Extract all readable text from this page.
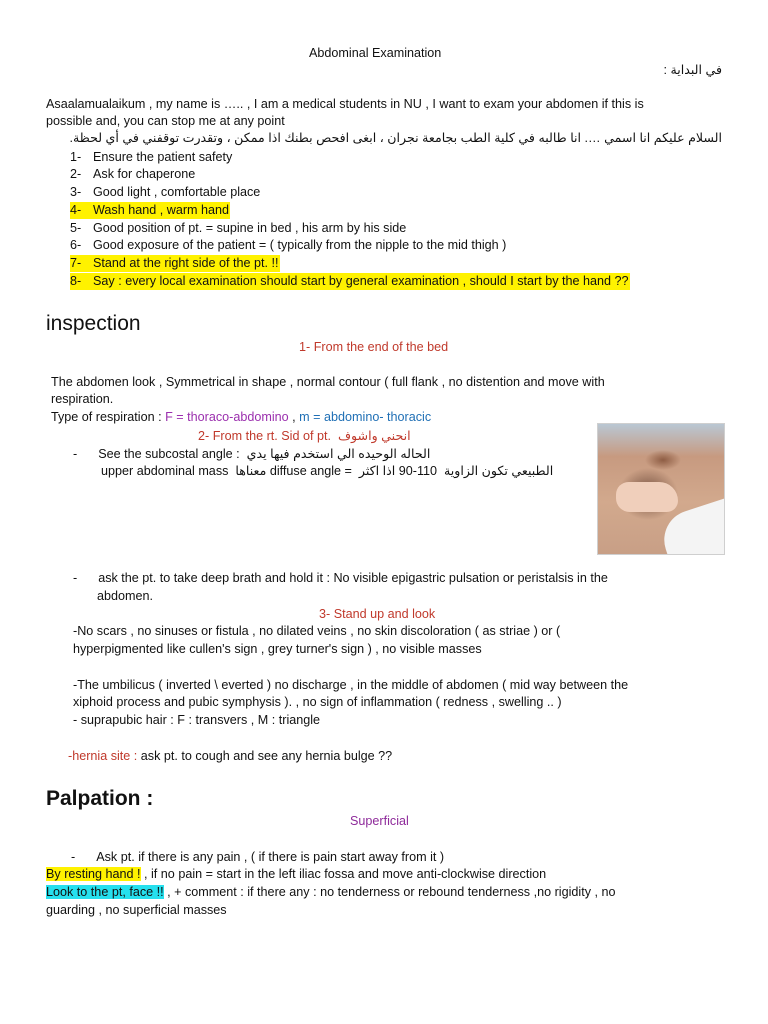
Abdominal Examination
في البداية :
Asaalamualaikum , my name is ….. , I am a medical students in NU , I want to exam your abdomen if this is
possible and, you can stop me at any point
السلام عليكم انا اسمي …. انا طالبه في كلية الطب بجامعة نجران ، ابغى افحص بطنك اذا ممكن ، وتقدرت توقفني في أي لحظة.
1- Ensure the patient safety
2- Ask for chaperone
3- Good light , comfortable place
4- Wash hand , warm hand
5- Good position of pt. = supine in bed , his arm by his side
6- Good exposure of the patient = ( typically from the nipple to the mid thigh )
7- Stand at the right side of the pt. !!
8- Say : every local examination should start by general examination , should I start by the hand ??
inspection
1- From the end of the bed
The abdomen look , Symmetrical in shape , normal contour ( full flank , no distention and move with
respiration.
Type of respiration : F = thoraco-abdomino , m = abdomino- thoracic
2- From the rt. Sid of pt. انحني واشوف
- See the subcostal angle : الحاله الوحيده الي استخدم فيها يدي
upper abdominal mass معناها diffuse angle = اذا اكثر 90-110 الطبيعي تكون الزاوية
- ask the pt. to take deep brath and hold it : No visible epigastric pulsation or peristalsis in the
abdomen.
3- Stand up and look
-No scars , no sinuses or fistula , no dilated veins , no skin discoloration ( as striae ) or (
hyperpigmented like cullen's sign , grey turner's sign ) , no visible masses
-The umbilicus ( inverted \ everted ) no discharge , in the middle of abdomen ( mid way between the
xiphoid process and pubic symphysis ). , no sign of inflammation ( redness , swelling .. )
- suprapubic hair : F : transvers , M : triangle
-hernia site : ask pt. to cough and see any hernia bulge ??
Palpation :
Superficial
- Ask pt. if there is any pain , ( if there is pain start away from it )
By resting hand ! , if no pain = start in the left iliac fossa and move anti-clockwise direction
Look to the pt, face !! , + comment : if there any : no tenderness or rebound tenderness ,no rigidity , no
guarding , no superficial masses
